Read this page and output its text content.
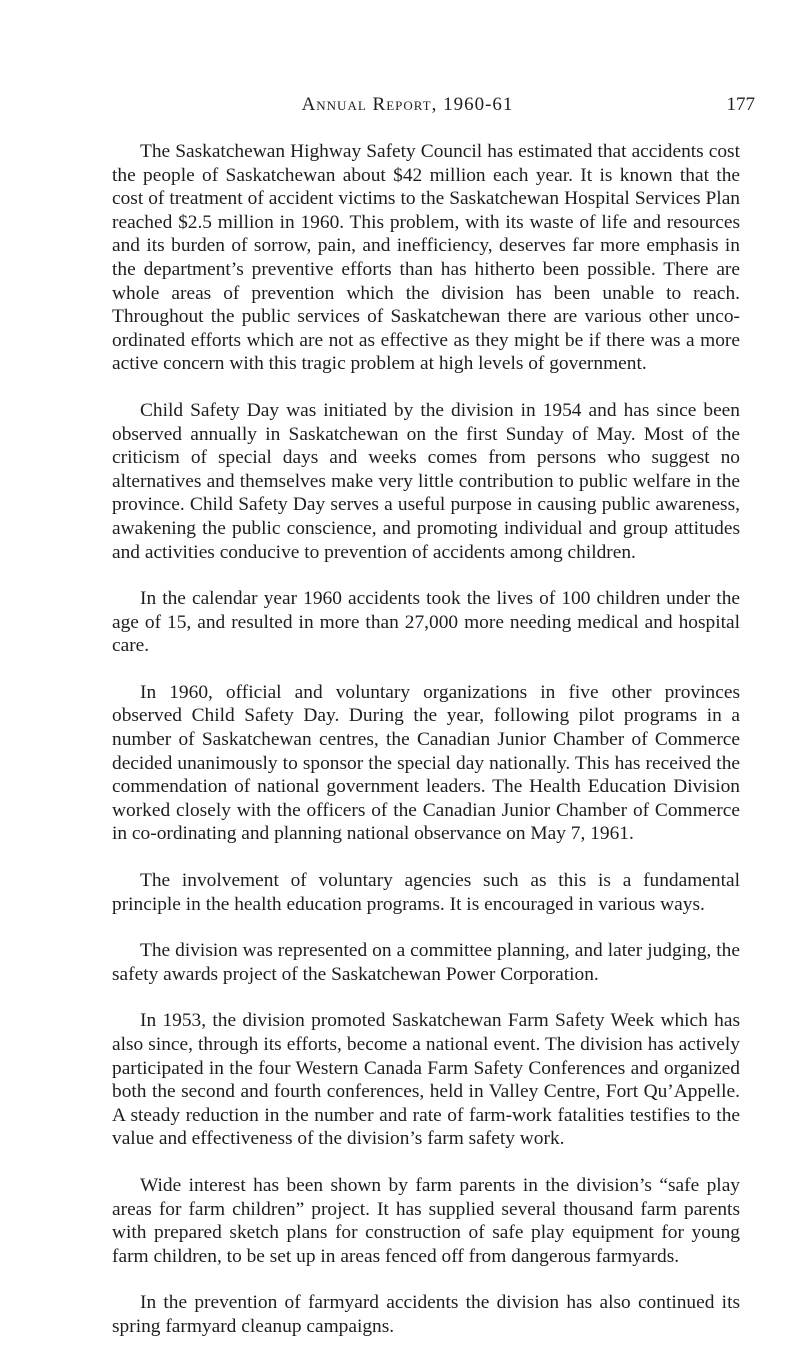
Annual Report, 1960-61	177

The Saskatchewan Highway Safety Council has estimated that accidents cost the people of Saskatchewan about $42 million each year. It is known that the cost of treatment of accident victims to the Saskatchewan Hospital Services Plan reached $2.5 million in 1960. This problem, with its waste of life and resources and its burden of sorrow, pain, and inefficiency, deserves far more emphasis in the department’s preventive efforts than has hitherto been possible. There are whole areas of prevention which the division has been unable to reach. Throughout the public services of Saskatchewan there are various other unco-ordinated efforts which are not as effective as they might be if there was a more active concern with this tragic problem at high levels of government.

Child Safety Day was initiated by the division in 1954 and has since been observed annually in Saskatchewan on the first Sunday of May. Most of the criticism of special days and weeks comes from persons who suggest no alternatives and themselves make very little contribution to public welfare in the province. Child Safety Day serves a useful purpose in causing public awareness, awakening the public conscience, and promoting individual and group attitudes and activities conducive to prevention of accidents among children.

In the calendar year 1960 accidents took the lives of 100 children under the age of 15, and resulted in more than 27,000 more needing medical and hospital care.

In 1960, official and voluntary organizations in five other provinces observed Child Safety Day. During the year, following pilot programs in a number of Saskatchewan centres, the Canadian Junior Chamber of Commerce decided unanimously to sponsor the special day nationally. This has received the commendation of national government leaders. The Health Education Division worked closely with the officers of the Canadian Junior Chamber of Commerce in co-ordinating and planning national observance on May 7, 1961.

The involvement of voluntary agencies such as this is a fundamental principle in the health education programs. It is encouraged in various ways.

The division was represented on a committee planning, and later judging, the safety awards project of the Saskatchewan Power Corporation.

In 1953, the division promoted Saskatchewan Farm Safety Week which has also since, through its efforts, become a national event. The division has actively participated in the four Western Canada Farm Safety Conferences and organized both the second and fourth conferences, held in Valley Centre, Fort Qu’Appelle. A steady reduction in the number and rate of farm-work fatalities testifies to the value and effectiveness of the division’s farm safety work.

Wide interest has been shown by farm parents in the division’s “safe play areas for farm children” project. It has supplied several thousand farm parents with prepared sketch plans for construction of safe play equipment for young farm children, to be set up in areas fenced off from dangerous farmyards.

In the prevention of farmyard accidents the division has also continued its spring farmyard cleanup campaigns.
